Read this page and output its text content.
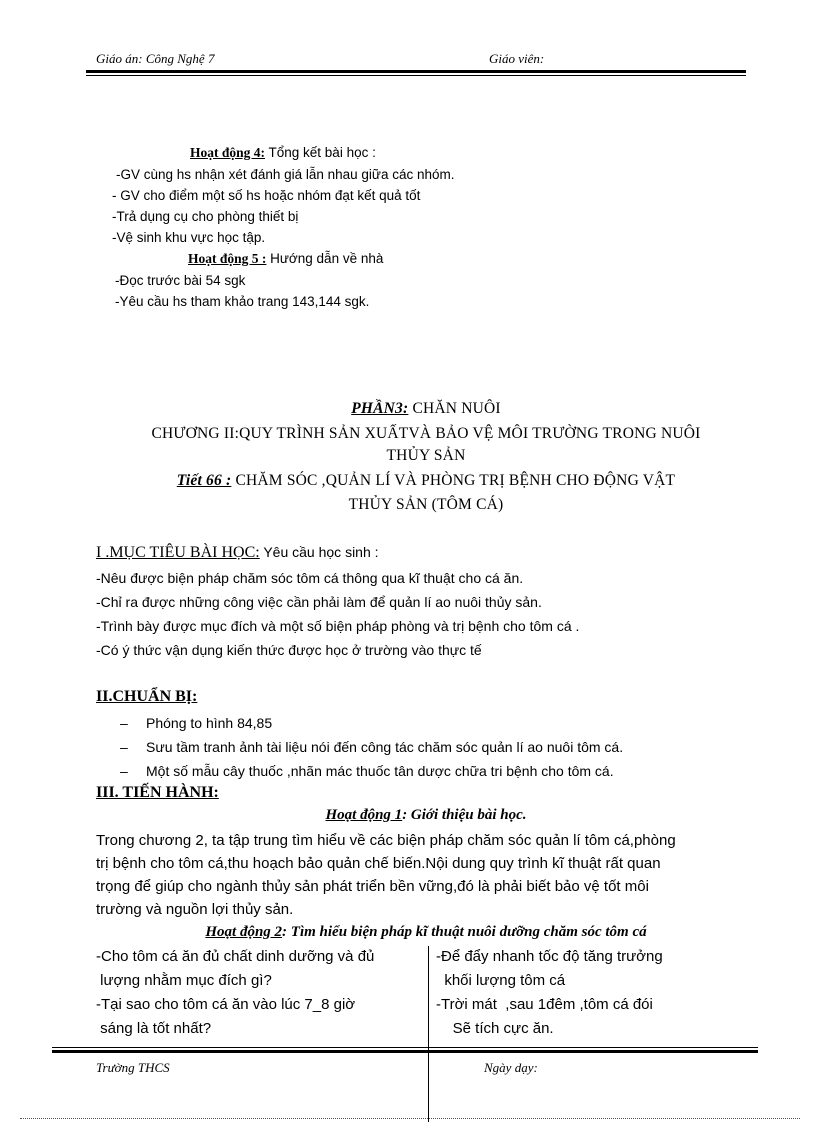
Giáo án: Công Nghệ 7	Giáo viên:
Hoạt động 4: Tổng kết bài học :
-GV cùng hs nhận xét đánh giá lẫn nhau giữa các nhóm.
- GV cho điểm một số hs hoặc nhóm đạt kết quả tốt
-Trả dụng cụ cho phòng thiết bị
-Vệ sinh khu vực học tập.
Hoạt động 5 : Hướng dẫn về nhà
-Đọc trước bài 54 sgk
-Yêu cầu hs tham khảo trang 143,144 sgk.
PHẦN3: CHĂN NUÔI
CHƯƠNG II:QUY TRÌNH SẢN XUẤTVÀ BẢO VỆ MÔI TRƯỜNG TRONG NUÔI
THỦY SẢN
Tiết 66 : CHĂM SÓC ,QUẢN LÍ VÀ PHÒNG TRỊ BỆNH CHO ĐỘNG VẬT
THỦY SẢN (TÔM CÁ)
I .MỤC TIÊU BÀI HỌC: Yêu cầu học sinh :
-Nêu được biện pháp chăm sóc tôm cá thông qua kĩ thuật cho cá ăn.
-Chỉ ra được những công việc cần phải làm để quản lí ao nuôi thủy sản.
-Trình bày được mục đích và một số biện pháp phòng và trị bệnh cho tôm cá .
-Có ý thức vận dụng kiến thức được học ở trường vào thực tế
II.CHUẨN BỊ:
– Phóng to hình 84,85
– Sưu tầm tranh ảnh tài liệu nói đến công tác chăm sóc quản lí ao nuôi tôm cá.
– Một số mẫu cây thuốc ,nhãn mác thuốc tân dược chữa tri bệnh cho tôm cá.
III. TIẾN HÀNH:
Hoạt động 1: Giới thiệu bài học.
Trong chương 2, ta tập trung tìm hiểu về các biện pháp chăm sóc quản lí tôm cá,phòng
trị bệnh cho tôm cá,thu hoạch bảo quản chế biến.Nội dung quy trình kĩ thuật rất quan
trọng để giúp cho ngành thủy sản phát triển bền vững,đó là phải biết bảo vệ tốt môi
trường và nguồn lợi thủy sản.
Hoạt động 2: Tìm hiểu biện pháp kĩ thuật nuôi dưỡng chăm sóc tôm cá
-Cho tôm cá ăn đủ chất dinh dưỡng và đủ
lượng nhằm mục đích gì?
-Tại sao cho tôm cá ăn vào lúc 7_8 giờ
sáng là tốt nhất?
-Để đẩy nhanh tốc độ tăng trưởng
khối lượng tôm cá
-Trời mát  ,sau 1đêm ,tôm cá đói
Sẽ tích cực ăn.
Trường THCS	Ngày dạy:
